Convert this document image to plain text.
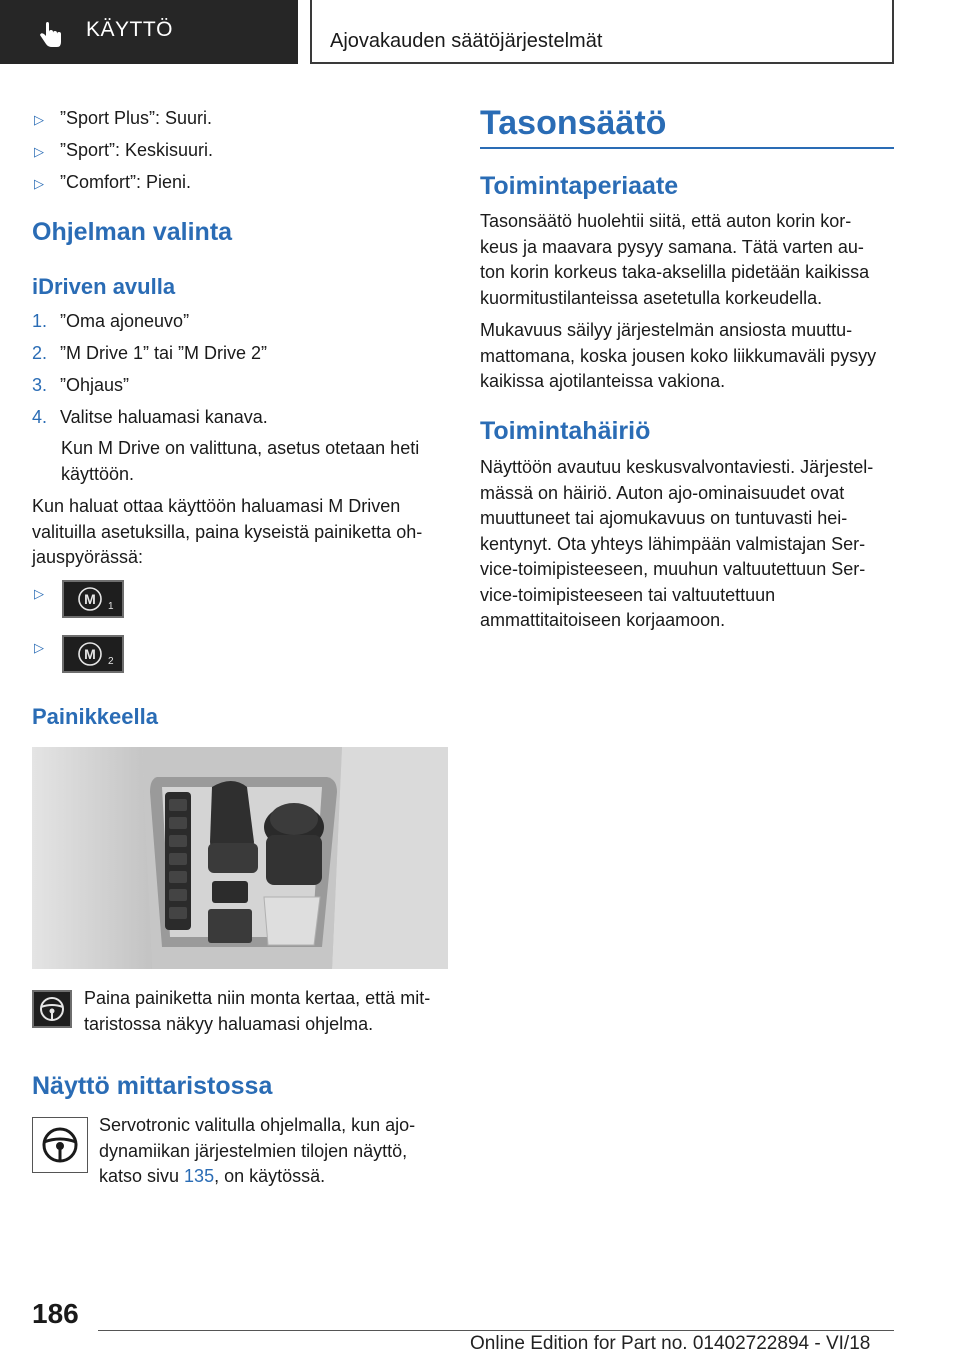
KÄYTTÖ	Ajovakauden säätöjärjestelmät
▷ ”Sport Plus”: Suuri.
▷ ”Sport”: Keskisuuri.
▷ ”Comfort”: Pieni.
Ohjelman valinta
iDriven avulla
1. ”Oma ajoneuvo”
2. ”M Drive 1” tai ”M Drive 2”
3. ”Ohjaus”
4. Valitse haluamasi kanava.
Kun M Drive on valittuna, asetus otetaan heti
käyttöön.
Kun haluat ottaa käyttöön haluamasi M Driven
valituilla asetuksilla, paina kyseistä painiketta oh-
jauspyörässä:
▷	M 1
▷	M 2
Painikkeella
Paina painiketta niin monta kertaa, että mit-
taristossa näkyy haluamasi ohjelma.
Näyttö mittaristossa
Servotronic valitulla ohjelmalla, kun ajo-
dynamiikan järjestelmien tilojen näyttö,
katso sivu 135, on käytössä.
Tasonsäätö
Toimintaperiaate
Tasonsäätö huolehtii siitä, että auton korin kor-
keus ja maavara pysyy samana. Tätä varten au-
ton korin korkeus taka-akselilla pidetään kaikissa
kuormitustilanteissa asetetulla korkeudella.
Mukavuus säilyy järjestelmän ansiosta muuttu-
mattomana, koska jousen koko liikkumaväli pysyy
kaikissa ajotilanteissa vakiona.
Toimintahäiriö
Näyttöön avautuu keskusvalvontaviesti. Järjestel-
mässä on häiriö. Auton ajo-ominaisuudet ovat
muuttuneet tai ajomukavuus on tuntuvasti hei-
kentynyt. Ota yhteys lähimpään valmistajan Ser-
vice-toimipisteeseen, muuhun valtuutettuun Ser-
vice-toimipisteeseen tai valtuutettuun
ammattitaitoiseen korjaamoon.
186
Online Edition for Part no. 01402722894 - VI/18
